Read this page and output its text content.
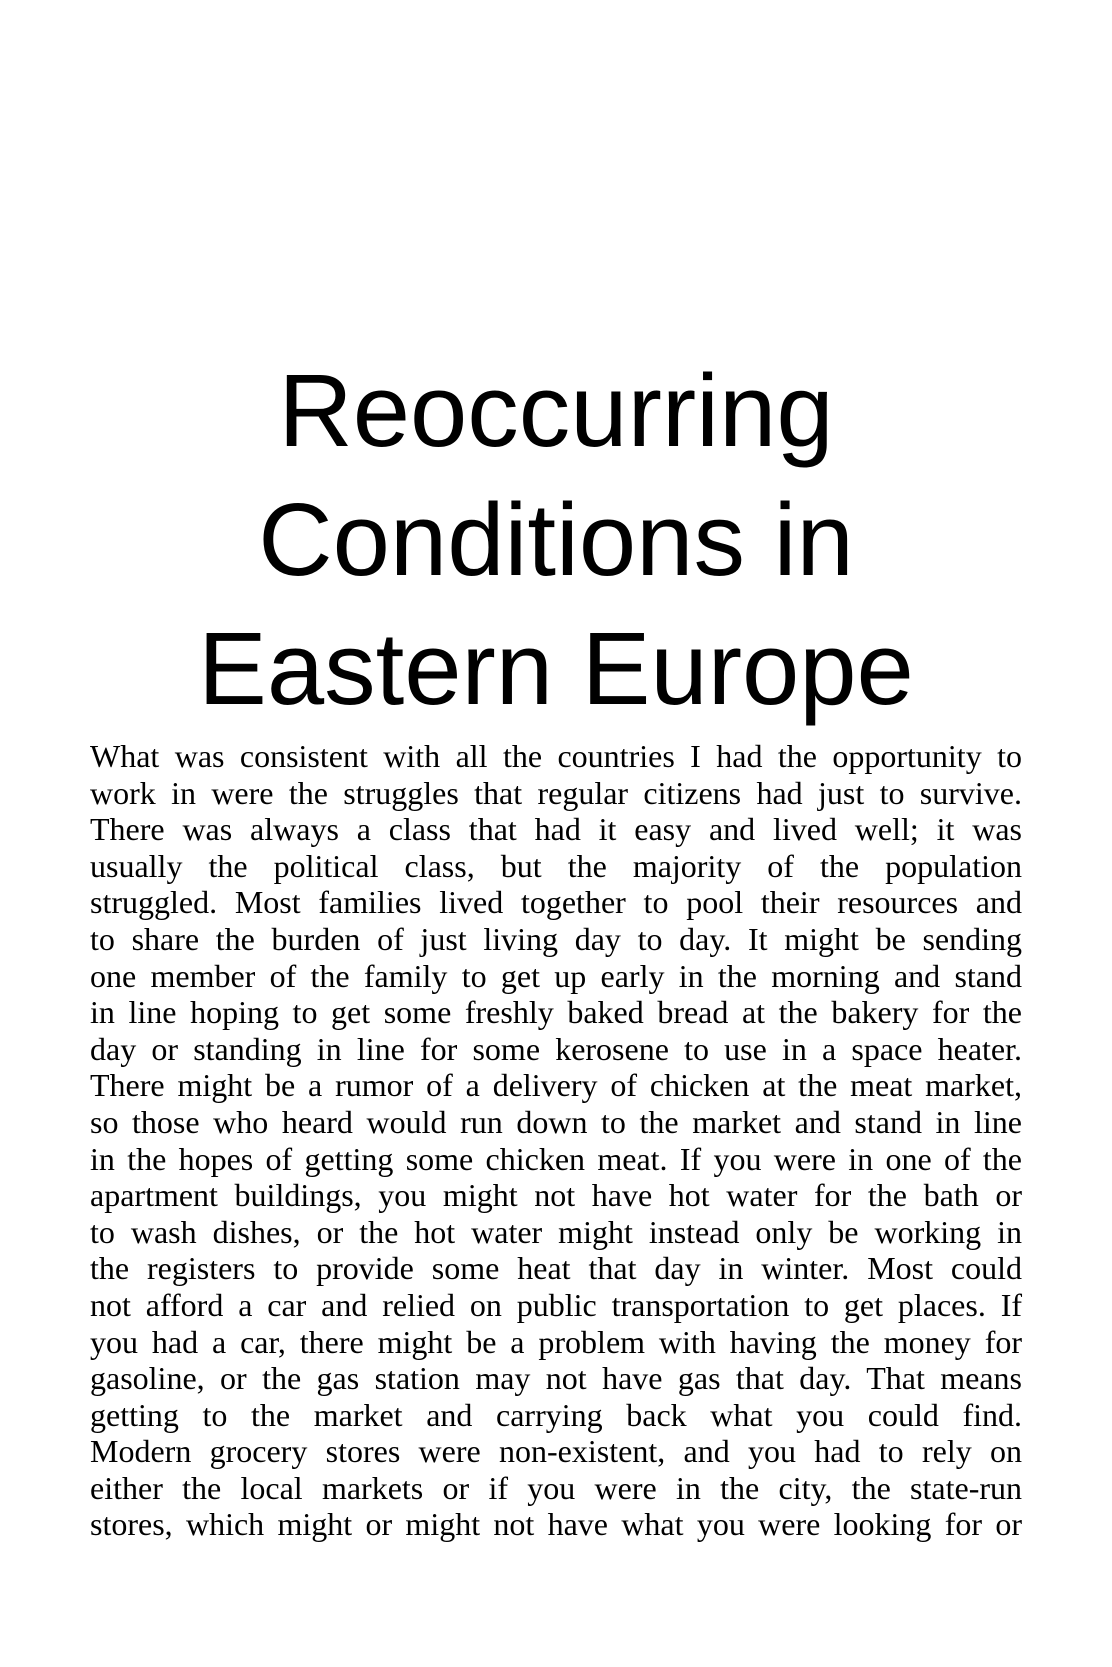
Reoccurring
Conditions in
Eastern Europe
What was consistent with all the countries I had the opportunity to
work in were the struggles that regular citizens had just to survive.
There was always a class that had it easy and lived well; it was
usually the political class, but the majority of the population
struggled. Most families lived together to pool their resources and
to share the burden of just living day to day. It might be sending
one member of the family to get up early in the morning and stand
in line hoping to get some freshly baked bread at the bakery for the
day or standing in line for some kerosene to use in a space heater.
There might be a rumor of a delivery of chicken at the meat market,
so those who heard would run down to the market and stand in line
in the hopes of getting some chicken meat. If you were in one of the
apartment buildings, you might not have hot water for the bath or
to wash dishes, or the hot water might instead only be working in
the registers to provide some heat that day in winter. Most could
not afford a car and relied on public transportation to get places. If
you had a car, there might be a problem with having the money for
gasoline, or the gas station may not have gas that day. That means
getting to the market and carrying back what you could find.
Modern grocery stores were non-existent, and you had to rely on
either the local markets or if you were in the city, the state-run
stores, which might or might not have what you were looking for or
